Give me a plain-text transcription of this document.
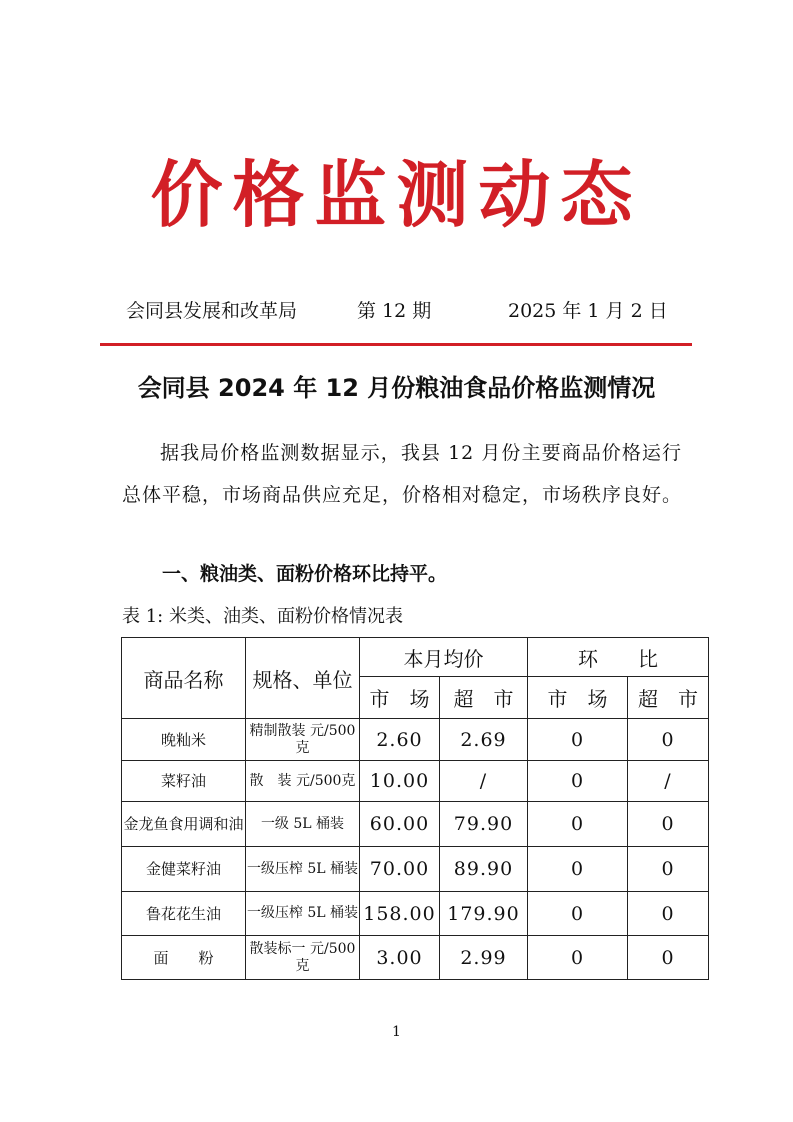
价格监测动态
会同县发展和改革局	第 12 期	2025 年 1 月 2 日
会同县 2024 年 12 月份粮油食品价格监测情况

据我局价格监测数据显示，我县 12 月份主要商品价格运行总体平稳，市场商品供应充足，价格相对稳定，市场秩序良好。

一、粮油类、面粉价格环比持平。
表 1: 米类、油类、面粉价格情况表
商品名称	规格、单位	本月均价		环　　比	
		市　场	超　市	市　场	超　市
晚籼米	精制散装 元/500克	2.60	2.69	0	0
菜籽油	散　装 元/500克	10.00	/	0	/
金龙鱼食用调和油	一级 5L 桶装	60.00	79.90	0	0
金健菜籽油	一级压榨 5L 桶装	70.00	89.90	0	0
鲁花花生油	一级压榨 5L 桶装	158.00	179.90	0	0
面　　粉	散装标一 元/500克	3.00	2.99	0	0
1
